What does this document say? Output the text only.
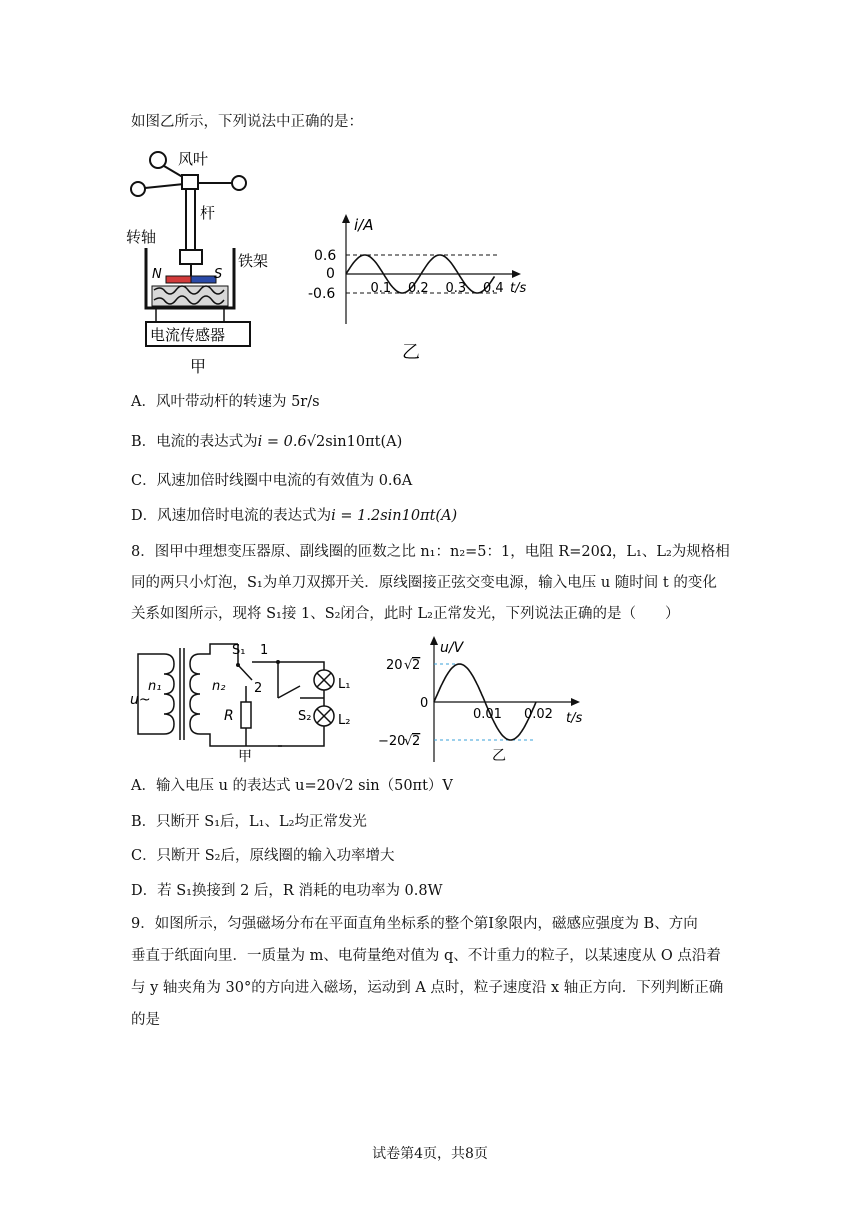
如图乙所示，下列说法中正确的是：
风叶
杆
转轴
铁架
N	S
电流传感器
甲
i/A
t/s
0.6
0
-0.6	0.1 0.2 0.3 0.4
乙
A．风叶带动杆的转速为 5r/s
B．电流的表达式为i = 0.6√2sin10πt(A)
C．风速加倍时线圈中电流的有效值为 0.6A
D．风速加倍时电流的表达式为i = 1.2sin10πt(A)
8．图甲中理想变压器原、副线圈的匝数之比 n₁：n₂=5：1，电阻 R=20Ω，L₁、L₂为规格相
同的两只小灯泡，S₁为单刀双掷开关．原线圈接正弦交变电源，输入电压 u 随时间 t 的变化
关系如图所示，现将 S₁接 1、S₂闭合，此时 L₂正常发光，下列说法正确的是（　　）
u~
n₁	n₂
S₁ 1
2
R	S₂
L₁
L₂
甲
u/V
t/s
20 √ 2
0
−20
√ 2
0.01 0.02
乙
A．输入电压 u 的表达式 u=20√2 sin（50πt）V
B．只断开 S₁后，L₁、L₂均正常发光
C．只断开 S₂后，原线圈的输入功率增大
D．若 S₁换接到 2 后，R 消耗的电功率为 0.8W
9．如图所示，匀强磁场分布在平面直角坐标系的整个第Ⅰ象限内，磁感应强度为 B、方向
垂直于纸面向里．一质量为 m、电荷量绝对值为 q、不计重力的粒子，以某速度从 O 点沿着
与 y 轴夹角为 30°的方向进入磁场，运动到 A 点时，粒子速度沿 x 轴正方向．下列判断正确
的是
试卷第4页，共8页
